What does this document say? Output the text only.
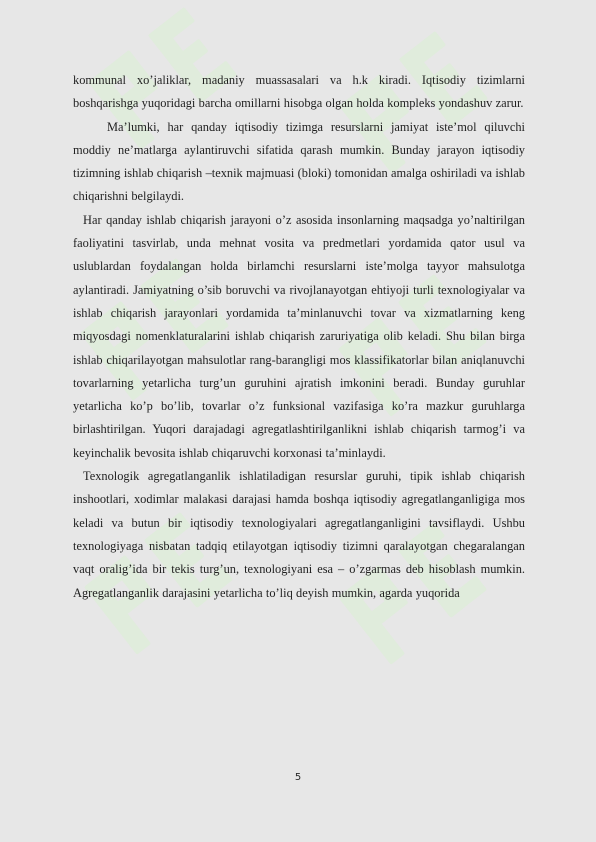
kommunal xo’jaliklar, madaniy muassasalari va h.k kiradi. Iqtisodiy tizimlarni boshqarishga yuqoridagi barcha omillarni hisobga olgan holda kompleks yondashuv zarur.

Ma’lumki, har qanday iqtisodiy tizimga resurslarni jamiyat iste’mol qiluvchi moddiy ne’matlarga aylantiruvchi sifatida qarash mumkin. Bunday jarayon iqtisodiy tizimning ishlab chiqarish –texnik majmuasi (bloki) tomonidan amalga oshiriladi va ishlab chiqarishni belgilaydi.

Har qanday ishlab chiqarish jarayoni o’z asosida insonlarning maqsadga yo’naltirilgan faoliyatini tasvirlab, unda mehnat vosita va predmetlari yordamida qator usul va uslublardan foydalangan holda birlamchi resurslarni iste’molga tayyor mahsulotga aylantiradi. Jamiyatning o’sib boruvchi va rivojlanayotgan ehtiyoji turli texnologiyalar va ishlab chiqarish jarayonlari yordamida ta’minlanuvchi tovar va xizmatlarning keng miqyosdagi nomenklaturalarini ishlab chiqarish zaruriyatiga olib keladi. Shu bilan birga ishlab chiqarilayotgan mahsulotlar rang-barangligi mos klassifikatorlar bilan aniqlanuvchi tovarlarning yetarlicha turg’un guruhini ajratish imkonini beradi. Bunday guruhlar yetarlicha ko’p bo’lib, tovarlar o’z funksional vazifasiga ko’ra mazkur guruhlarga birlashtirilgan. Yuqori darajadagi agregatlashtirilganlikni ishlab chiqarish tarmog’i va keyinchalik bevosita ishlab chiqaruvchi korxonasi ta’minlaydi.

Texnologik agregatlanganlik ishlatiladigan resurslar guruhi, tipik ishlab chiqarish inshootlari, xodimlar malakasi darajasi hamda boshqa iqtisodiy agregatlanganligiga mos keladi va butun bir iqtisodiy texnologiyalari agregatlanganligini tavsiflaydi. Ushbu texnologiyaga nisbatan tadqiq etilayotgan iqtisodiy tizimni qaralayotgan chegaralangan vaqt oralig’ida bir tekis turg’un, texnologiyani esa – o’zgarmas deb hisoblash mumkin. Agregatlanganlik darajasini yetarlicha to’liq deyish mumkin, agarda yuqorida

5
